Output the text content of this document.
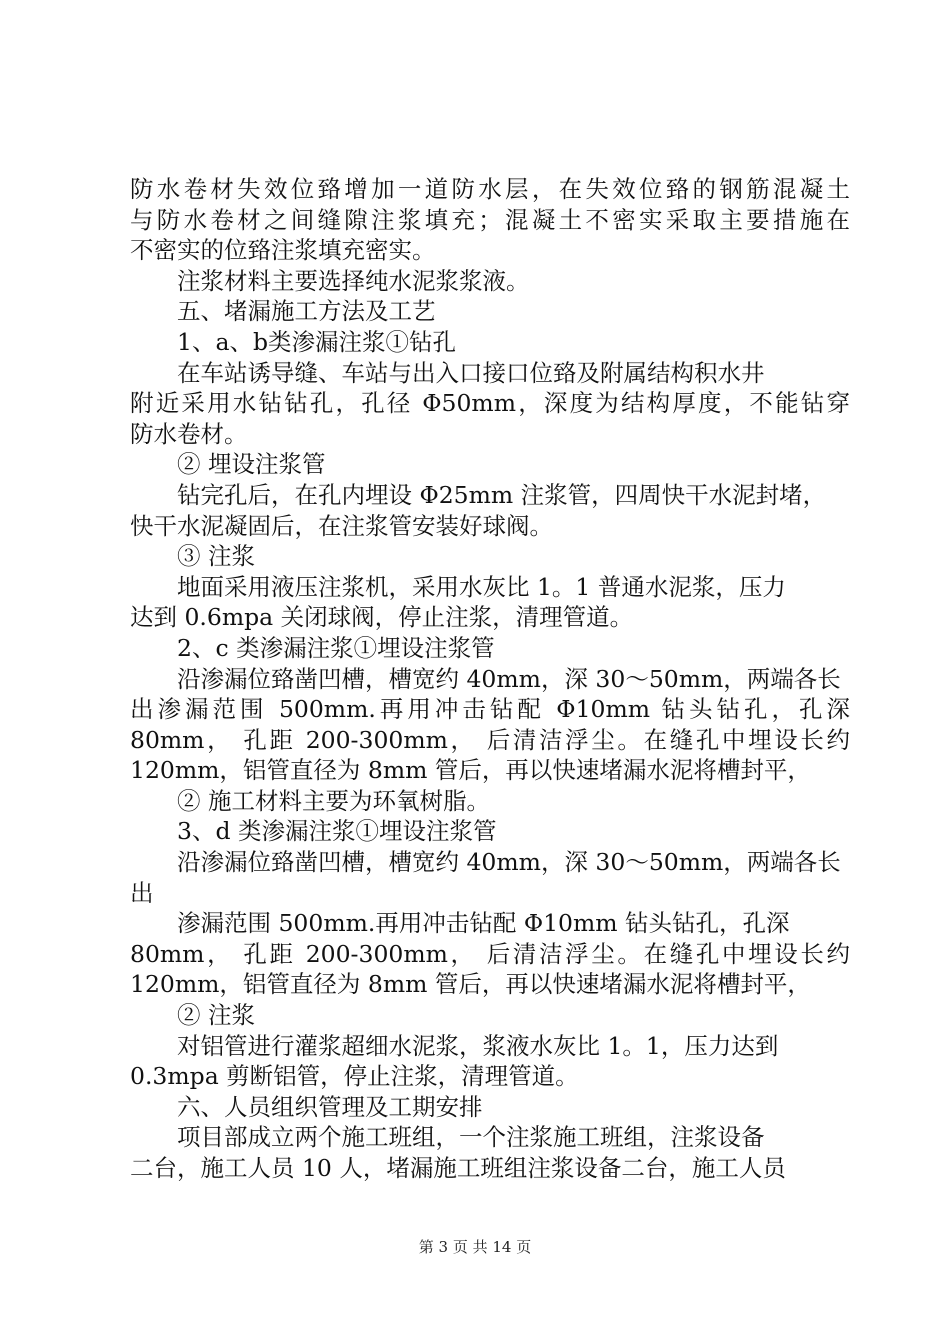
防水卷材失效位臵增加一道防水层，在失效位臵的钢筋混凝土
与防水卷材之间缝隙注浆填充；混凝土不密实采取主要措施在
不密实的位臵注浆填充密实。
注浆材料主要选择纯水泥浆浆液。
五、堵漏施工方法及工艺
1、a、b类渗漏注浆①钻孔
在车站诱导缝、车站与出入口接口位臵及附属结构积水井
附近采用水钻钻孔，孔径 Φ50mm，深度为结构厚度，不能钻穿
防水卷材。
② 埋设注浆管
钻完孔后，在孔内埋设 Φ25mm 注浆管，四周快干水泥封堵，
快干水泥凝固后，在注浆管安装好球阀。
③ 注浆
地面采用液压注浆机，采用水灰比 1。1 普通水泥浆，压力
达到 0.6mpa 关闭球阀，停止注浆，清理管道。
2、c 类渗漏注浆①埋设注浆管
沿渗漏位臵凿凹槽，槽宽约 40mm，深 30～50mm，两端各长
出渗漏范围 500mm.再用冲击钻配 Φ10mm 钻头钻孔，孔深
80mm， 孔距 200-300mm， 后清洁浮尘。在缝孔中埋设长约
120mm，铝管直径为 8mm 管后，再以快速堵漏水泥将槽封平，
② 施工材料主要为环氧树脂。
3、d 类渗漏注浆①埋设注浆管
沿渗漏位臵凿凹槽，槽宽约 40mm，深 30～50mm，两端各长
出
渗漏范围 500mm.再用冲击钻配 Φ10mm 钻头钻孔，孔深
80mm， 孔距 200-300mm， 后清洁浮尘。在缝孔中埋设长约
120mm，铝管直径为 8mm 管后，再以快速堵漏水泥将槽封平，
② 注浆
对铝管进行灌浆超细水泥浆，浆液水灰比 1。1，压力达到
0.3mpa 剪断铝管，停止注浆，清理管道。
六、人员组织管理及工期安排
项目部成立两个施工班组，一个注浆施工班组，注浆设备
二台，施工人员 10 人，堵漏施工班组注浆设备二台，施工人员
第 3 页 共 14 页
